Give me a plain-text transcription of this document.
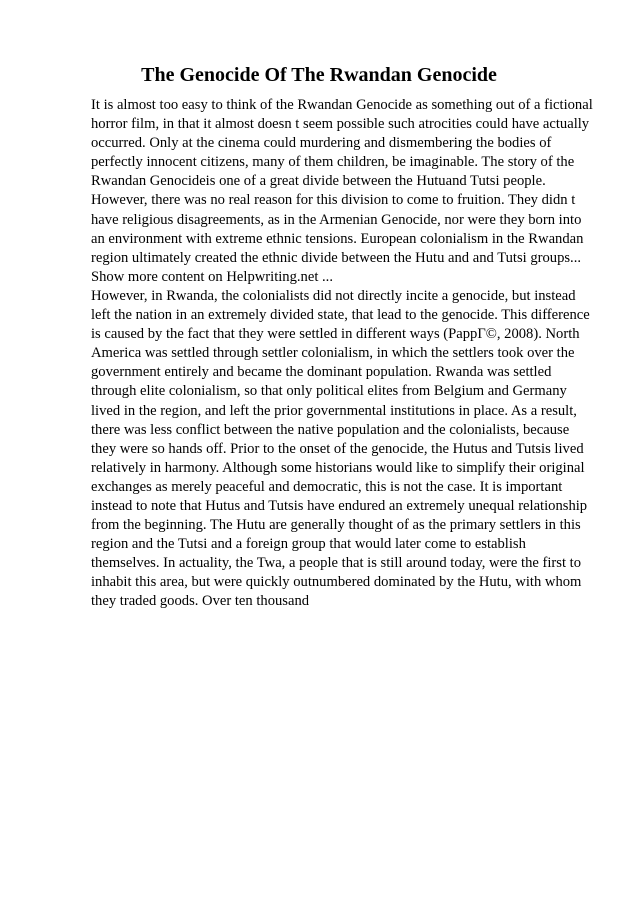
The Genocide Of The Rwandan Genocide
It is almost too easy to think of the Rwandan Genocide as something out of a fictional
horror film, in that it almost doesn t seem possible such atrocities could have actually
occurred. Only at the cinema could murdering and dismembering the bodies of
perfectly innocent citizens, many of them children, be imaginable. The story of the
Rwandan Genocideis one of a great divide between the Hutuand Tutsi people.
However, there was no real reason for this division to come to fruition. They didn t
have religious disagreements, as in the Armenian Genocide, nor were they born into
an environment with extreme ethnic tensions. European colonialism in the Rwandan
region ultimately created the ethnic divide between the Hutu and and Tutsi groups...
Show more content on Helpwriting.net ...
However, in Rwanda, the colonialists did not directly incite a genocide, but instead
left the nation in an extremely divided state, that lead to the genocide. This difference
is caused by the fact that they were settled in different ways (PappΓ©, 2008). North
America was settled through settler colonialism, in which the settlers took over the
government entirely and became the dominant population. Rwanda was settled
through elite colonialism, so that only political elites from Belgium and Germany
lived in the region, and left the prior governmental institutions in place. As a result,
there was less conflict between the native population and the colonialists, because
they were so hands off. Prior to the onset of the genocide, the Hutus and Tutsis lived
relatively in harmony. Although some historians would like to simplify their original
exchanges as merely peaceful and democratic, this is not the case. It is important
instead to note that Hutus and Tutsis have endured an extremely unequal relationship
from the beginning. The Hutu are generally thought of as the primary settlers in this
region and the Tutsi and a foreign group that would later come to establish
themselves. In actuality, the Twa, a people that is still around today, were the first to
inhabit this area, but were quickly outnumbered dominated by the Hutu, with whom
they traded goods. Over ten thousand
